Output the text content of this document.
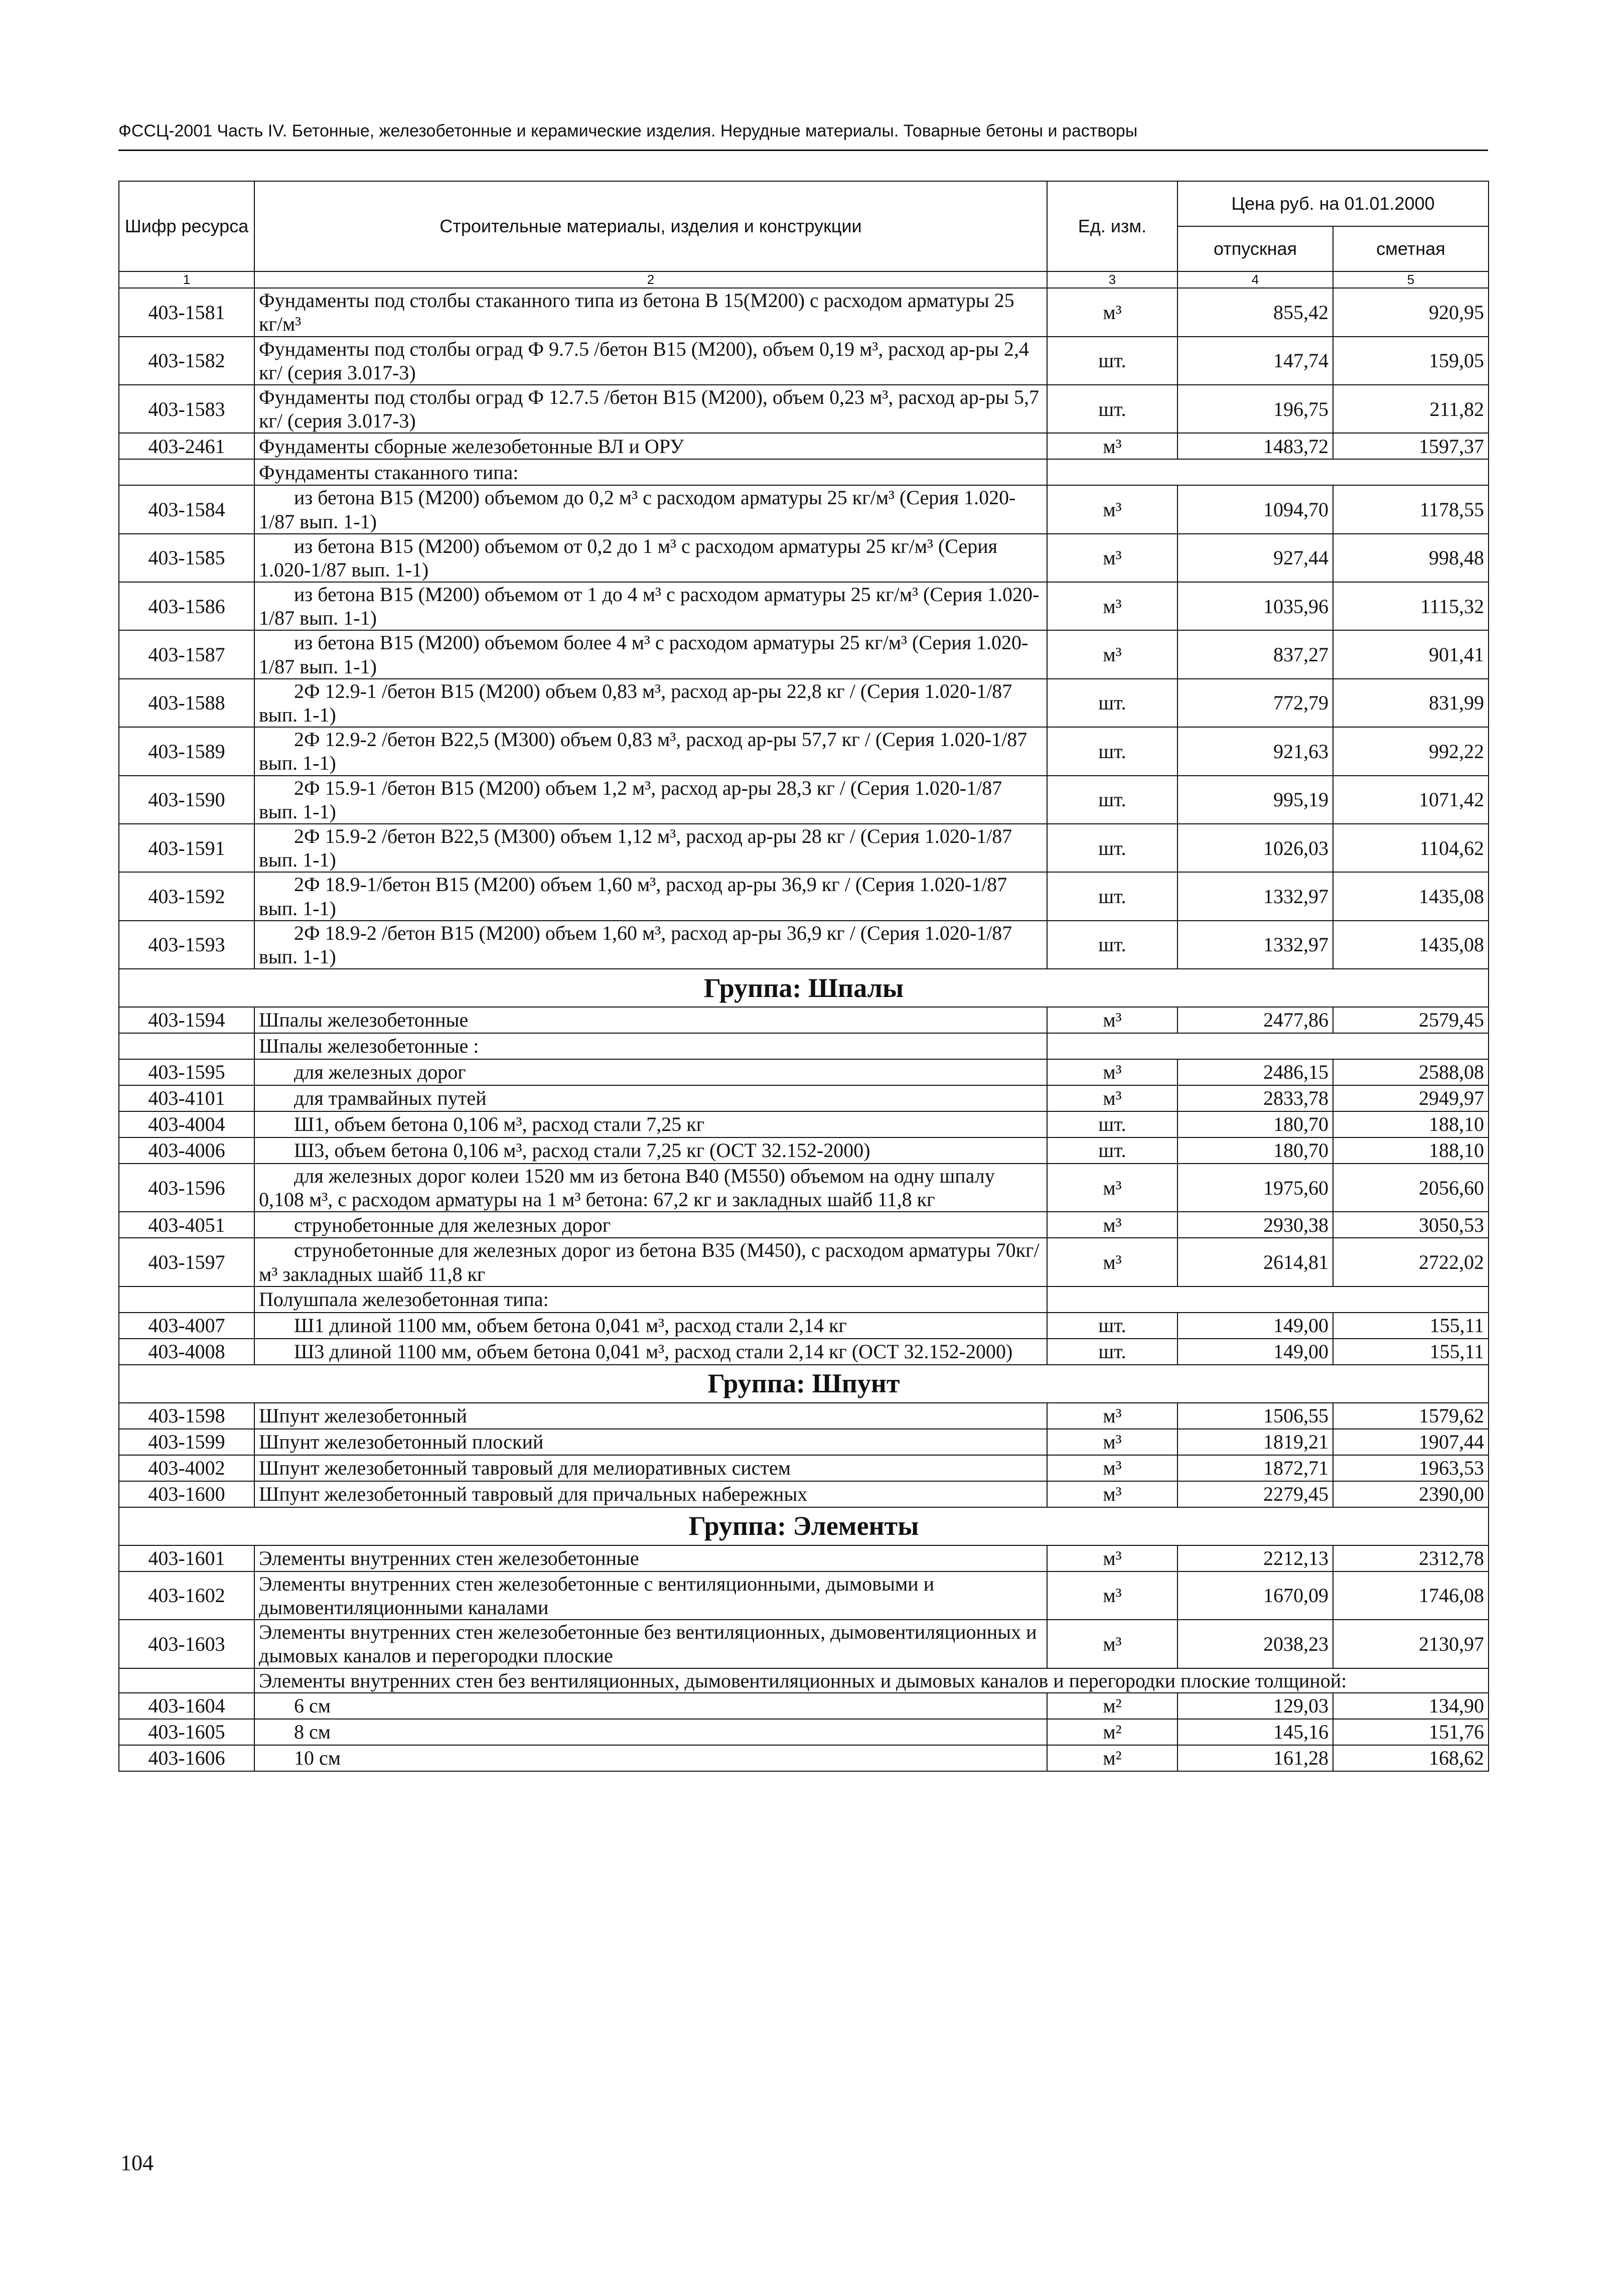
ФССЦ-2001 Часть IV. Бетонные, железобетонные и керамические изделия. Нерудные материалы. Товарные бетоны и растворы
Шифр ресурса	Строительные материалы, изделия и конструкции	Ед. изм.	Цена руб. на 01.01.2000	
			отпускная	сметная
1	2	3	4	5
403-1581	Фундаменты под столбы стаканного типа из бетона В 15(М200) с расходом арматуры 25 кг/м³	м³	855,42	920,95
403-1582	Фундаменты под столбы оград Ф 9.7.5 /бетон В15 (М200), объем 0,19 м³, расход ар-ры 2,4 кг/ (серия 3.017-3)	шт.	147,74	159,05
403-1583	Фундаменты под столбы оград Ф 12.7.5 /бетон В15 (М200), объем 0,23 м³, расход ар-ры 5,7 кг/ (серия 3.017-3)	шт.	196,75	211,82
403-2461	Фундаменты сборные железобетонные ВЛ и ОРУ	м³	1483,72	1597,37
	Фундаменты стаканного типа:			
403-1584	из бетона В15 (М200) объемом до 0,2 м³ с расходом арматуры 25 кг/м³ (Серия 1.020-1/87 вып. 1-1)	м³	1094,70	1178,55
403-1585	из бетона В15 (М200) объемом от 0,2 до 1 м³ с расходом арматуры 25 кг/м³ (Серия 1.020-1/87 вып. 1-1)	м³	927,44	998,48
403-1586	из бетона В15 (М200) объемом от 1 до 4 м³ с расходом арматуры 25 кг/м³ (Серия 1.020-1/87 вып. 1-1)	м³	1035,96	1115,32
403-1587	из бетона В15 (М200) объемом более 4 м³ с расходом арматуры 25 кг/м³ (Серия 1.020-1/87 вып. 1-1)	м³	837,27	901,41
403-1588	2Ф 12.9-1 /бетон В15 (М200) объем 0,83 м³, расход ар-ры 22,8 кг / (Серия 1.020-1/87 вып. 1-1)	шт.	772,79	831,99
403-1589	2Ф 12.9-2 /бетон В22,5 (М300) объем 0,83 м³, расход ар-ры 57,7 кг / (Серия 1.020-1/87 вып. 1-1)	шт.	921,63	992,22
403-1590	2Ф 15.9-1 /бетон В15 (М200) объем 1,2 м³, расход ар-ры 28,3 кг / (Серия 1.020-1/87 вып. 1-1)	шт.	995,19	1071,42
403-1591	2Ф 15.9-2 /бетон В22,5 (М300) объем 1,12 м³, расход ар-ры 28 кг / (Серия 1.020-1/87 вып. 1-1)	шт.	1026,03	1104,62
403-1592	2Ф 18.9-1/бетон В15 (М200) объем 1,60 м³, расход ар-ры 36,9 кг / (Серия 1.020-1/87 вып. 1-1)	шт.	1332,97	1435,08
403-1593	2Ф 18.9-2 /бетон В15 (М200) объем 1,60 м³, расход ар-ры 36,9 кг / (Серия 1.020-1/87 вып. 1-1)	шт.	1332,97	1435,08
Группа: Шпалы				
403-1594	Шпалы железобетонные	м³	2477,86	2579,45
	Шпалы железобетонные :			
403-1595	для железных дорог	м³	2486,15	2588,08
403-4101	для трамвайных путей	м³	2833,78	2949,97
403-4004	Ш1, объем бетона 0,106 м³, расход стали 7,25 кг	шт.	180,70	188,10
403-4006	Ш3, объем бетона 0,106 м³, расход стали 7,25 кг (ОСТ 32.152-2000)	шт.	180,70	188,10
403-1596	для железных дорог колеи 1520 мм из бетона В40 (М550) объемом на одну шпалу 0,108 м³, с расходом арматуры на 1 м³ бетона: 67,2 кг и закладных шайб 11,8 кг	м³	1975,60	2056,60
403-4051	струнобетонные для железных дорог	м³	2930,38	3050,53
403-1597	струнобетонные для железных дорог из бетона В35 (М450), с расходом арматуры 70кг/м³ закладных шайб 11,8 кг	м³	2614,81	2722,02
	Полушпала железобетонная типа:			
403-4007	Ш1 длиной 1100 мм, объем бетона 0,041 м³, расход стали 2,14 кг	шт.	149,00	155,11
403-4008	Ш3 длиной 1100 мм, объем бетона 0,041 м³, расход стали 2,14 кг (ОСТ 32.152-2000)	шт.	149,00	155,11
Группа: Шпунт				
403-1598	Шпунт железобетонный	м³	1506,55	1579,62
403-1599	Шпунт железобетонный плоский	м³	1819,21	1907,44
403-4002	Шпунт железобетонный тавровый для мелиоративных систем	м³	1872,71	1963,53
403-1600	Шпунт железобетонный тавровый для причальных набережных	м³	2279,45	2390,00
Группа: Элементы				
403-1601	Элементы внутренних стен железобетонные	м³	2212,13	2312,78
403-1602	Элементы внутренних стен железобетонные с вентиляционными, дымовыми и дымовентиляционными каналами	м³	1670,09	1746,08
403-1603	Элементы внутренних стен железобетонные без вентиляционных, дымовентиляционных и дымовых каналов и перегородки плоские	м³	2038,23	2130,97
	Элементы внутренних стен без вентиляционных, дымовентиляционных и дымовых каналов и перегородки плоские толщиной:			
403-1604	6 см	м²	129,03	134,90
403-1605	8 см	м²	145,16	151,76
403-1606	10 см	м²	161,28	168,62
104
